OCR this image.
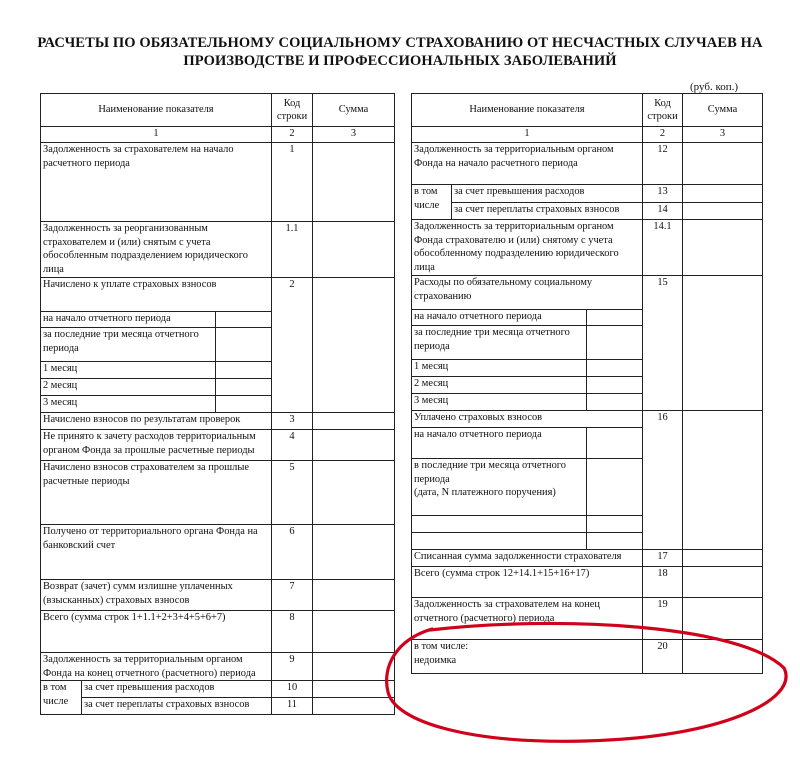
РАСЧЕТЫ ПО ОБЯЗАТЕЛЬНОМУ СОЦИАЛЬНОМУ СТРАХОВАНИЮ ОТ НЕСЧАСТНЫХ СЛУЧАЕВ НА
ПРОИЗВОДСТВЕ И ПРОФЕССИОНАЛЬНЫХ ЗАБОЛЕВАНИЙ
(руб. коп.)
Наименование показателя			Код строки	Сумма
1			2	3
Задолженность за страхователем на начало расчетного периода			1	
Задолженность за реорганизованным страхователем и (или) снятым с учета обособленным подразделением юридического лица			1.1	
Начислено к уплате страховых взносов			2	
на начало отчетного периода				
за последние три месяца отчетного периода				
1 месяц				
2 месяц				
3 месяц				
Начислено взносов по результатам проверок			3	
Не принято к зачету расходов территориальным органом Фонда за прошлые расчетные периоды			4	
Начислено взносов страхователем за прошлые расчетные периоды			5	
Получено от территориального органа Фонда на банковский счет			6	
Возврат (зачет) сумм излишне уплаченных (взысканных) страховых взносов			7	
Всего (сумма строк 1+1.1+2+3+4+5+6+7)			8	
Задолженность за территориальным органом Фонда на конец отчетного (расчетного) периода			9	
в том числе	за счет превышения расходов		10	
	за счет переплаты страховых взносов		11	
Наименование показателя			Код строки	Сумма
1			2	3
Задолженность за территориальным органом Фонда на начало расчетного периода			12	
в том числе	за счет превышения расходов		13	
	за счет переплаты страховых взносов		14	
Задолженность за территориальным органом Фонда страхователю и (или) снятому с учета обособленному подразделению юридического лица			14.1	
Расходы по обязательному социальному страхованию			15	
на начало отчетного периода				
за последние три месяца отчетного периода				
1 месяц				
2 месяц				
3 месяц				
Уплачено страховых взносов			16	
на начало отчетного периода				

в последние три месяца отчетного периода
(дата, N платежного поручения)				

Списанная сумма задолженности страхователя			17	
Всего (сумма строк 12+14.1+15+16+17)			18	
Задолженность за страхователем на конец отчетного (расчетного) периода			19	

в том числе:
недоимка			20	
